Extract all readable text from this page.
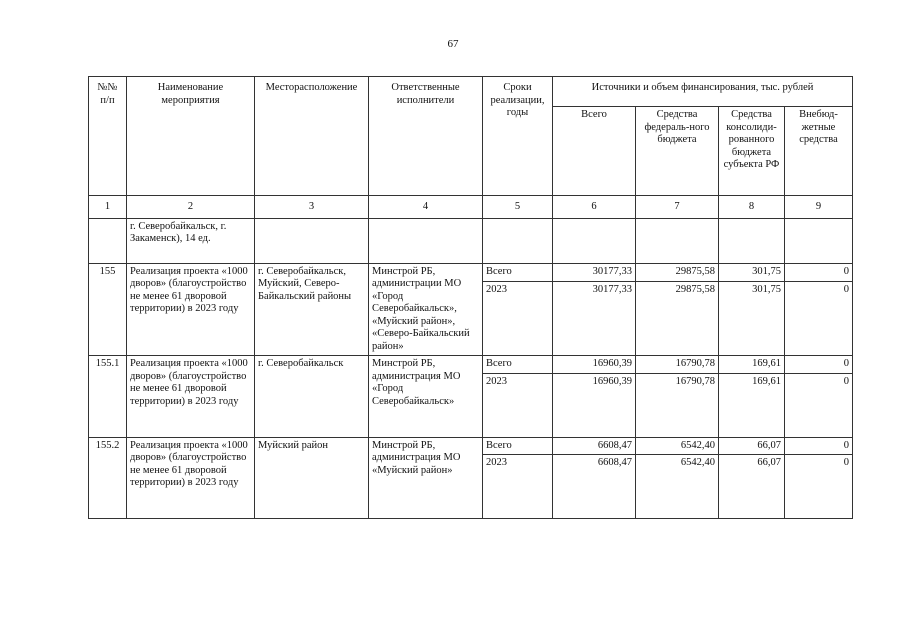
67
№№ п/п	Наименование мероприятия	Месторасположение	Ответственные исполнители	Сроки реализации, годы	Источники и объем финансирования, тыс. рублей			
					Всего	Средства федераль-ного бюджета	Средства консолиди-рованного бюджета субъекта РФ	Внебюд-жетные средства
1	2	3	4	5	6	7	8	9
	г. Северобайкальск, г. Закаменск), 14 ед.							
155	Реализация проекта «1000 дворов» (благоустройство не менее 61 дворовой территории) в 2023 году	г. Северобайкальск, Муйский, Северо-Байкальский районы	Минстрой РБ, администрации МО «Город Северобайкальск», «Муйский район», «Северо-Байкальский район»	Всего	30177,33	29875,58	301,75	0
				2023	30177,33	29875,58	301,75	0
155.1	Реализация проекта «1000 дворов» (благоустройство не менее 61 дворовой территории) в 2023 году	г. Северобайкальск	Минстрой РБ, администрация МО «Город Северобайкальск»	Всего	16960,39	16790,78	169,61	0
				2023	16960,39	16790,78	169,61	0
155.2	Реализация проекта «1000 дворов» (благоустройство не менее 61 дворовой территории) в 2023 году	Муйский район	Минстрой РБ, администрация МО «Муйский район»	Всего	6608,47	6542,40	66,07	0
				2023	6608,47	6542,40	66,07	0
